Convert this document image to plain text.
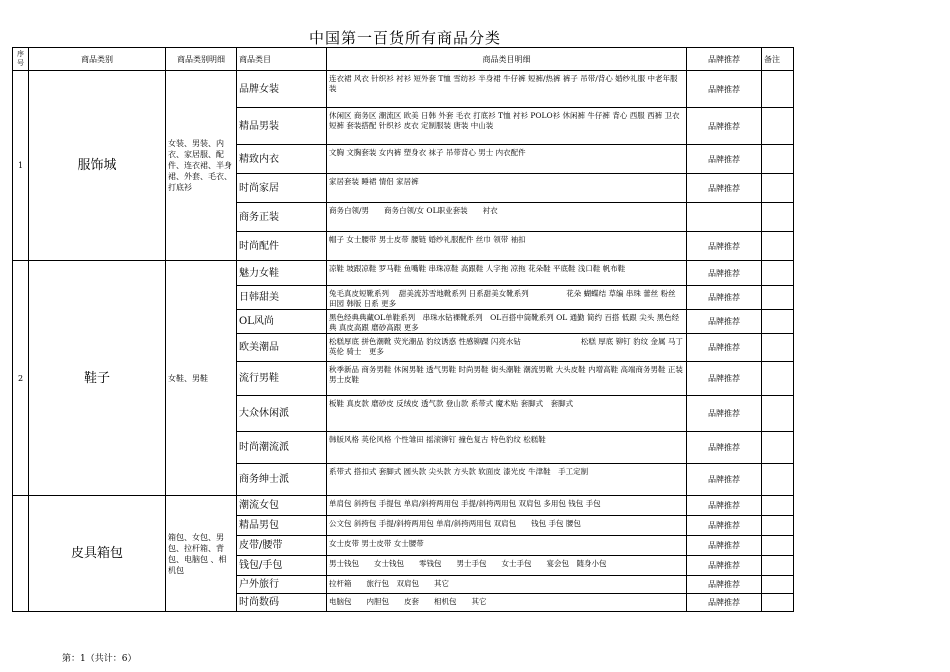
中国第一百货所有商品分类
序号	商品类别	商品类别明细	商品类目	商品类目明细	品牌推荐	备注
1	服饰城	女装、男装、内衣、家居服、配件、连衣裙、半身裙、外套、毛衣、打底衫	品牌女装	连衣裙 风衣 针织衫 衬衫 短外套 T恤 雪纺衫 半身裙 牛仔裤 短裤/热裤 裤子 吊带/背心 婚纱礼服 中老年服装	品牌推荐	
			精品男装	休闲区 商务区 潮流区 欧美 日韩 外套 毛衣 打底衫 T恤 衬衫 POLO衫 休闲裤 牛仔裤 背心 西服 西裤 卫衣 短裤 套装搭配 针织衫 皮衣 定制服装 唐装 中山装	品牌推荐	
			精致内衣	文胸 文胸套装 女内裤 塑身衣 袜子 吊带背心 男士 内衣配件	品牌推荐	
			时尚家居	家居套装 睡裙 情侣 家居裤	品牌推荐	
			商务正装	商务白领/男　　商务白领/女 OL职业套装　　衬衣		
			时尚配件	帽子 女士腰带 男士皮带 腰链 婚纱礼服配件 丝巾 领带 袖扣	品牌推荐	
2	鞋子	女鞋、男鞋	魅力女鞋	凉鞋 坡跟凉鞋 罗马鞋 鱼嘴鞋 串珠凉鞋 高跟鞋 人字拖 凉拖 花朵鞋 平底鞋 浅口鞋 帆布鞋	品牌推荐	
			日韩甜美	兔毛真皮短靴系列　 甜美流苏雪地靴系列 日系甜美女靴系列　　　　　花朵 蝴蝶结 草编 串珠 蕾丝 粉丝 田园 韩版 日系 更多	品牌推荐	
			OL风尚	黑色经典典藏OL单鞋系列　串珠水钻裸靴系列　OL百搭中筒靴系列 OL 通勤 简约 百搭 低跟 尖头 黑色经典 真皮高跟 磨砂高跟 更多	品牌推荐	
			欧美潮品	松糕厚底 拼色潮靴 荧光潮品 豹纹诱惑 性感铆踝 闪亮水钻　　　　　　　　松糕 厚底 铆钉 豹纹 金属 马丁 英伦 骑士　更多	品牌推荐	
			流行男鞋	秋季新品 商务男鞋 休闲男鞋 透气男鞋 时尚男鞋 街头潮鞋 潮流男靴 大头皮鞋 内增高鞋 高端商务男鞋 正装男士皮鞋	品牌推荐	
			大众休闲派	板鞋 真皮款 磨砂皮 反绒皮 透气款 登山款 系带式 魔术贴 套脚式　套脚式	品牌推荐	
			时尚潮流派	韩版风格 英伦风格 个性雏田 摇滚铆钉 撞色复古 特色豹纹 松糕鞋	品牌推荐	
			商务绅士派	系带式 搭扣式 套脚式 圆头款 尖头款 方头款 软面皮 漆光皮 牛津鞋　手工定制	品牌推荐	
	皮具箱包	箱包、女包、男包、拉杆箱、背包、电脑包 、相机包	潮流女包	单肩包 斜挎包 手提包 单肩/斜挎两用包 手提/斜挎两用包 双肩包 多用包 钱包 手包	品牌推荐	
			精品男包	公文包 斜挎包 手提/斜挎两用包 单肩/斜挎两用包 双肩包　　钱包 手包 腰包	品牌推荐	
			皮带/腰带	女士皮带 男士皮带 女士腰带	品牌推荐	
			钱包/手包	男士钱包　　女士钱包　　零钱包　　男士手包　　女士手包　　宴会包　随身小包	品牌推荐	
			户外旅行	拉杆箱　　旅行包　双肩包　　其它	品牌推荐	
			时尚数码	电脑包　　内胆包　　皮套　　相机包　　其它	品牌推荐	
第：1（共计：6）
